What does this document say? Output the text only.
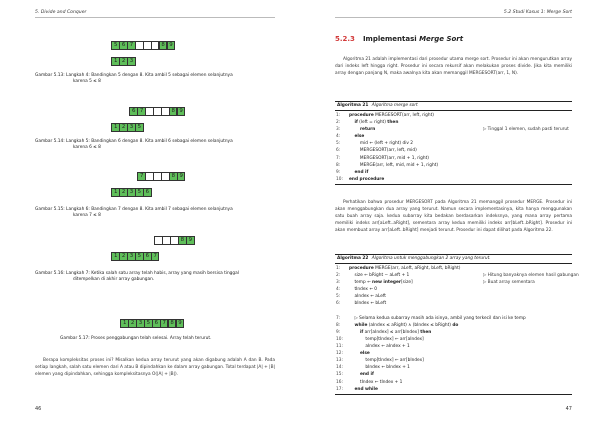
5. Divide and Conquer
5 6 7	8 9
1 2 3
Gambar 5.13: Langkah 4: Bandingkan 5 dengan 8. Kita ambil 5 sebagai elemen selanjutnya
karena 5 ≤ 8
6 7	8 9
1 2 3 5
Gambar 5.14: Langkah 5: Bandingkan 6 dengan 8. Kita ambil 6 sebagai elemen selanjutnya
karena 6 ≤ 8
7	8 9
1 2 3 5 6
Gambar 5.15: Langkah 6: Bandingkan 7 dengan 8. Kita ambil 7 sebagai elemen selanjutnya
karena 7 ≤ 8
8 9
1 2 3 5 6 7
Gambar 5.16: Langkah 7: Ketika salah satu array telah habis, array yang masih bersisa tinggal
ditempelkan di akhir array gabungan.
1 2 3 5 6 7 8 9
Gambar 5.17: Proses penggabungan telah selesai. Array telah terurut.

Berapa kompleksitas proses ini? Misalkan kedua array terurut yang akan digabung adalah A dan B. Pada setiap langkah, salah satu elemen dari A atau B dipindahkan ke dalam array gabungan. Total terdapat |A| + |B| elemen yang dipindahkan, sehingga kompleksitasnya O(|A| + |B|).

46
5.2 Studi Kasus 1: Merge Sort
5.2.3 Implementasi Merge Sort

Algoritma 21 adalah implementasi dari prosedur utama merge sort. Prosedur ini akan mengurutkan array dari indeks left hingga right. Prosedur ini secara rekursif akan melakukan proses divide. Jika kita memiliki array dengan panjang N, maka awalnya kita akan memanggil MERGESORT(arr, 1, N).

Algoritma 21 Algoritma merge sort
1:	procedure MERGESORT(arr, left, right)
2:	if (left = right) then
3:	return	▷ Tinggal 1 elemen, sudah pasti terurut
4:	else
5:	mid ← (left + right) div 2
6:	MERGESORT(arr, left, mid)
7:	MERGESORT(arr, mid + 1, right)
8:	MERGE(arr, left, mid, mid + 1, right)
9:	end if
10:	end procedure

Perhatikan bahwa prosedur MERGESORT pada Algoritma 21 memanggil prosedur MERGE. Prosedur ini akan menggabungkan dua array yang terurut. Namun secara implementasinya, kita hanya menggunakan satu buah array saja. kedua subarray kita bedakan berdasarkan indeksnya, yang mana array pertama memiliki indeks arr[aLeft..aRight], sementara array kedua memiliki indeks arr[bLeft..bRight]. Prosedur ini akan membuat array arr[aLeft..bRight] menjadi terurut. Prosedur ini dapat dilihat pada Algoritma 22.

Algoritma 22 Algoritma untuk menggabungkan 2 array yang terurut.
1:	procedure MERGE(arr, aLeft, aRight, bLeft, bRight)
2:	size ← bRight − aLeft + 1	▷ Hitung banyaknya elemen hasil gabungan
3:	temp ← new integer[size]	▷ Buat array sementara
4:	tIndex ← 0
5:	aIndex ← aLeft
6:	bIndex ← bLeft
7:	▷ Selama kedua subarray masih ada isinya, ambil yang terkecil dan isi ke temp
8:	while (aIndex ≤ aRight) ∧ (bIndex ≤ bRight) do
9:	if arr[aIndex] ≤ arr[bIndex] then
10:	temp[tIndex] ← arr[aIndex]
11:	aIndex ← aIndex + 1
12:	else
13:	temp[tIndex] ← arr[bIndex]
14:	bIndex ← bIndex + 1
15:	end if
16:	tIndex ← tIndex + 1
17:	end while
47
